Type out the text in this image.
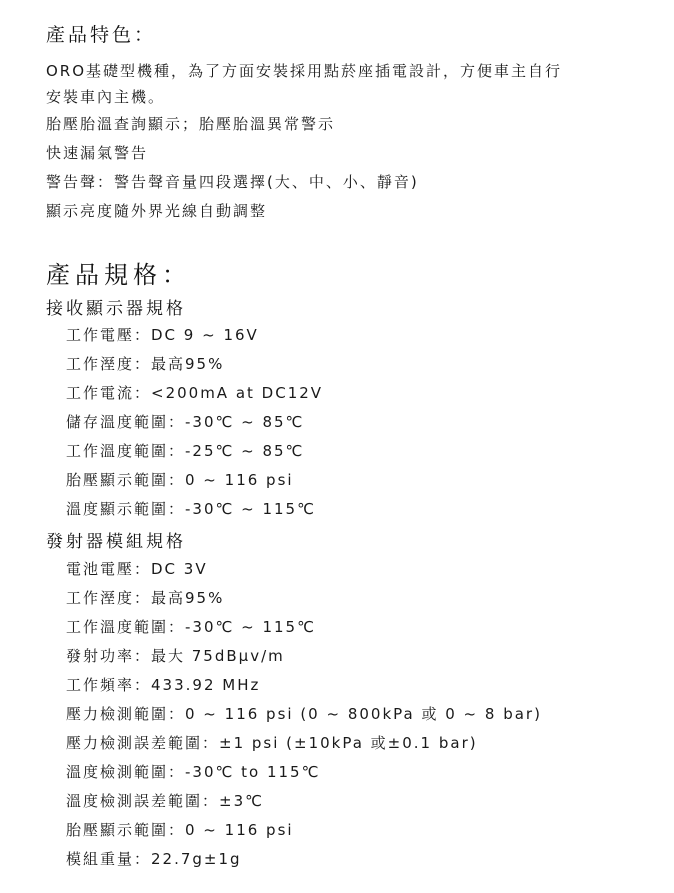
產品特色：
ORO基礎型機種，為了方面安裝採用點菸座插電設計，方便車主自行
安裝車內主機。
胎壓胎溫查詢顯示；胎壓胎溫異常警示
快速漏氣警告
警告聲：警告聲音量四段選擇(大、中、小、靜音)
顯示亮度隨外界光線自動調整
產品規格：
接收顯示器規格
工作電壓：DC 9 ~ 16V
工作溼度：最高95%
工作電流：<200mA at DC12V
儲存溫度範圍：-30℃ ~ 85℃
工作溫度範圍：-25℃ ~ 85℃
胎壓顯示範圍：0 ~ 116 psi
溫度顯示範圍：-30℃ ~ 115℃
發射器模組規格
電池電壓：DC 3V
工作溼度：最高95%
工作溫度範圍：-30℃ ~ 115℃
發射功率：最大 75dBμv/m
工作頻率：433.92 MHz
壓力檢測範圍：0 ~ 116 psi (0 ~ 800kPa 或 0 ~ 8 bar)
壓力檢測誤差範圍：±1 psi (±10kPa 或±0.1 bar)
溫度檢測範圍：-30℃ to 115℃
溫度檢測誤差範圍：±3℃
胎壓顯示範圍：0 ~ 116 psi
模組重量：22.7g±1g
